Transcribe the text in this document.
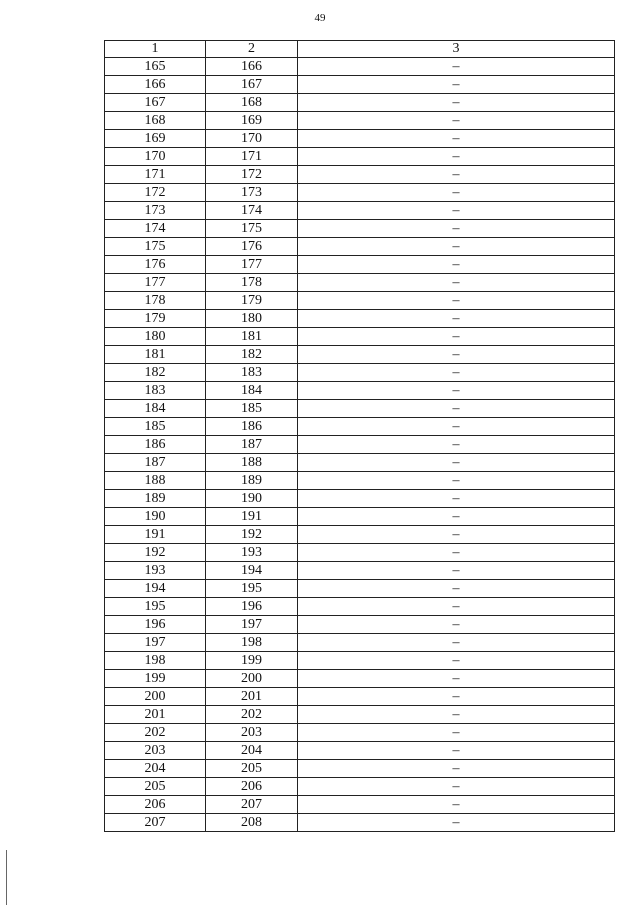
49
1	2	3
165	166	–
166	167	–
167	168	–
168	169	–
169	170	–
170	171	–
171	172	–
172	173	–
173	174	–
174	175	–
175	176	–
176	177	–
177	178	–
178	179	–
179	180	–
180	181	–
181	182	–
182	183	–
183	184	–
184	185	–
185	186	–
186	187	–
187	188	–
188	189	–
189	190	–
190	191	–
191	192	–
192	193	–
193	194	–
194	195	–
195	196	–
196	197	–
197	198	–
198	199	–
199	200	–
200	201	–
201	202	–
202	203	–
203	204	–
204	205	–
205	206	–
206	207	–
207	208	–
